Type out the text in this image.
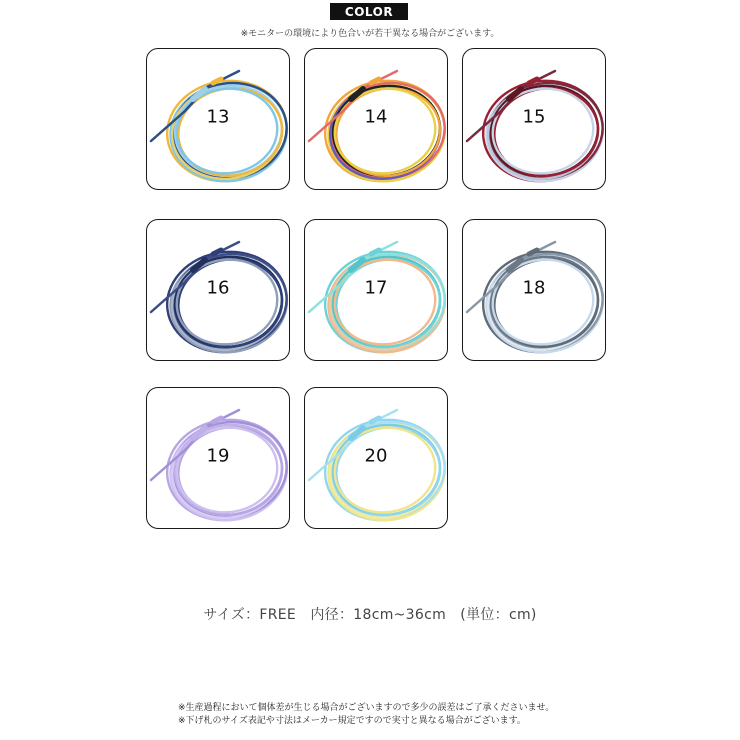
COLOR
※モニターの環境により色合いが若干異なる場合がございます。
13	14	15
16	17	18
19	20
サイズ：FREE　内径：18cm~36cm　(単位：cm)
※生産過程において個体差が生じる場合がございますので多少の誤差はご了承くださいませ。
※下げ札のサイズ表記や寸法はメーカー規定ですので実寸と異なる場合がございます。
